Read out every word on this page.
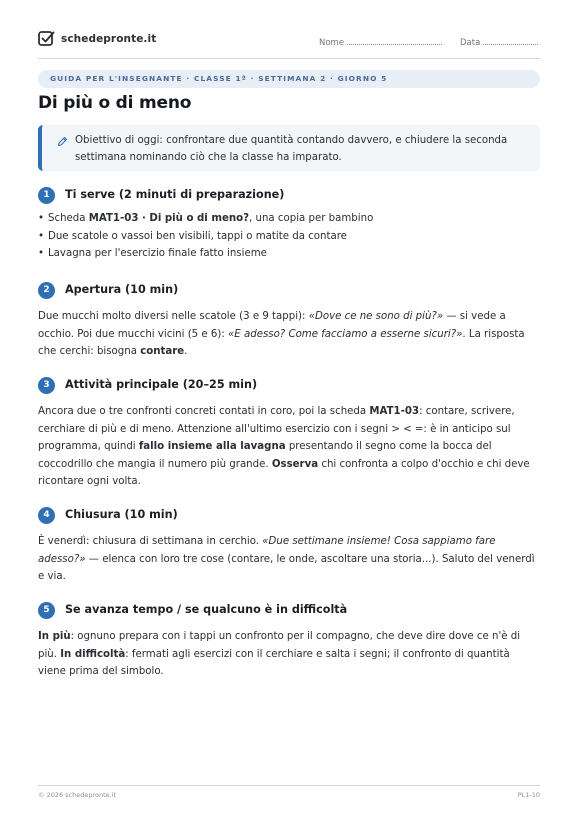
schedepronte.it	Nome	Data
GUIDA PER L'INSEGNANTE · CLASSE 1ª · SETTIMANA 2 · GIORNO 5
Di più o di meno
Obiettivo di oggi: confrontare due quantità contando davvero, e chiudere la seconda settimana nominando ciò che la classe ha imparato.
1	Ti serve (2 minuti di preparazione)
• Scheda MAT1-03 · Di più o di meno?, una copia per bambino
• Due scatole o vassoi ben visibili, tappi o matite da contare
• Lavagna per l'esercizio finale fatto insieme
2	Apertura (10 min)

Due mucchi molto diversi nelle scatole (3 e 9 tappi): «Dove ce ne sono di più?» — si vede a occhio. Poi due mucchi vicini (5 e 6): «E adesso? Come facciamo a esserne sicuri?». La risposta che cerchi: bisogna contare.

3	Attività principale (20–25 min)

Ancora due o tre confronti concreti contati in coro, poi la scheda MAT1-03: contare, scrivere, cerchiare di più e di meno. Attenzione all'ultimo esercizio con i segni > < =: è in anticipo sul programma, quindi fallo insieme alla lavagna presentando il segno come la bocca del coccodrillo che mangia il numero più grande. Osserva chi confronta a colpo d'occhio e chi deve ricontare ogni volta.

4	Chiusura (10 min)

È venerdì: chiusura di settimana in cerchio. «Due settimane insieme! Cosa sappiamo fare adesso?» — elenca con loro tre cose (contare, le onde, ascoltare una storia...). Saluto del venerdì e via.

5	Se avanza tempo / se qualcuno è in difficoltà

In più: ognuno prepara con i tappi un confronto per il compagno, che deve dire dove ce n'è di più. In difficoltà: fermati agli esercizi con il cerchiare e salta i segni; il confronto di quantità viene prima del simbolo.

© 2026 schedepronte.it	PL1-10
